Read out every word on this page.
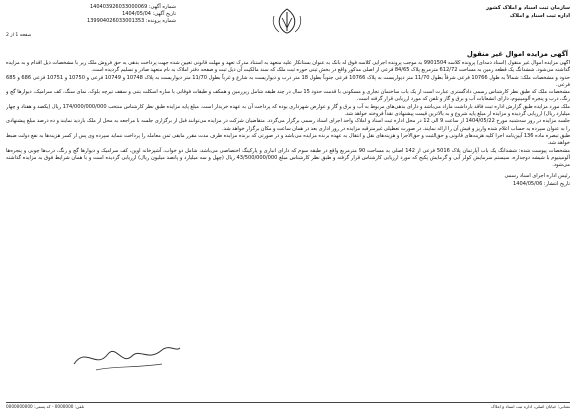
شماره آگهی: 140403926033000069
تاریخ آگهی: 1404/05/04
شماره پرونده: 139904026033001353
سازمان ثبت اسناد و املاک کشور
اداره ثبت اسناد و املاک
صفحه 1 از 2
آگهی مزایده اموال غیر منقول

آگهی مزایده اموال غیر منقول (اسناد ذمه‌ای) پرونده کلاسه 9901504 به موجب پرونده اجرایی کلاسه فوق له بانک به عنوان بستانکار علیه متعهد به استناد مدرک تعهد و مهلت قانونی تعیین شده جهت پرداخت بدهی به حق فروش ملک زیر با مشخصات ذیل اقدام و به مزایده گذاشته می‌شود. ششدانگ یک قطعه زمین به مساحت 612/72 مترمربع پلاک 84/65 فرعی از اصلی مذکور واقع در بخش ثبتی حوزه ثبت ملک که سند مالکیت آن ذیل ثبت و صفحه دفتر املاک به نام متعهد صادر و تسلیم گردیده است.

حدود و مشخصات ملک: شمالاً به طول 10766 فرعی شرقاً بطول 11/70 متر دیواریست به پلاک 10766 فرعی جنوباً بطول 18 متر درب و دیواریست به شارع و غرباً بطول 11/70 متر دیواریست به پلاک 10748 و 10749 فرعی و 10750 و 10751 فرعی 686 و 685 فرعی.

مشخصات ملک که طبق نظر کارشناس رسمی دادگستری عبارت است از یک باب ساختمان تجاری و مسکونی با قدمت حدود 15 سال در چند طبقه شامل زیرزمین و همکف و طبقات فوقانی با سازه اسکلت بتنی و سقف تیرچه بلوک، نمای سنگ، کف سرامیک، دیوارها گچ و رنگ، درب و پنجره آلومینیوم، دارای انشعابات آب و برق و گاز و تلفن که مورد ارزیابی قرار گرفته است.

ملک مورد مزایده طبق گزارش اداره ثبت فاقد بازداشت مازاد می‌باشد و دارای بدهی‌های مربوط به آب و برق و گاز و عوارض شهرداری بوده که پرداخت آن به عهده خریدار است. مبلغ پایه مزایده طبق نظر کارشناس منتخب 174/000/000/000 ریال (یکصد و هفتاد و چهار میلیارد ریال) ارزیابی گردیده و مزایده از مبلغ پایه شروع و به بالاترین قیمت پیشنهادی نقداً فروخته خواهد شد.

جلسه مزایده در روز سه‌شنبه مورخ 1404/05/22 از ساعت 9 الی 12 در محل اداره ثبت اسناد و املاک واحد اجرای اسناد رسمی برگزار می‌گردد. متقاضیان شرکت در مزایده می‌توانند قبل از برگزاری جلسه با مراجعه به محل از ملک بازدید نمایند و ده درصد مبلغ پیشنهادی را به عنوان سپرده به حساب اعلام شده واریز و فیش آن را ارائه نمایند. در صورت تعطیلی غیرمترقبه مزایده در روز اداری بعد در همان ساعت و مکان برگزار خواهد شد.

طبق تبصره ماده 136 آیین‌نامه اجرا کلیه هزینه‌های قانونی و حق‌الثبت و حق‌الاجرا و هزینه‌های نقل و انتقال به عهده برنده مزایده می‌باشد و در صورتی که برنده مزایده ظرف مدت مقرر مابقی ثمن معامله را پرداخت ننماید سپرده وی پس از کسر هزینه‌ها به نفع دولت ضبط خواهد شد.

مشخصات پیوست شده: ششدانگ یک باب آپارتمان پلاک 5016 فرعی از 142 اصلی به مساحت 90 مترمربع واقع در طبقه سوم که دارای انباری و پارکینگ اختصاصی می‌باشد، شامل دو خواب، آشپزخانه اوپن، کف سرامیک و دیوارها گچ و رنگ، درب‌ها چوبی و پنجره‌ها آلومینیوم با شیشه دوجداره، سیستم سرمایش کولر آبی و گرمایش پکیج که مورد ارزیابی کارشناس قرار گرفته و طبق نظر کارشناس مبلغ 43/500/000/000 ریال (چهل و سه میلیارد و پانصد میلیون ریال) ارزیابی گردیده است و با همان شرایط فوق به مزایده گذاشته می‌شود.

رئیس اداره اجرای اسناد رسمی

تاریخ انتشار: 1404/05/06

نشانی: خیابان اصلی، اداره ثبت اسناد و املاک
تلفن: 0000000 - کد پستی: 0000000000
